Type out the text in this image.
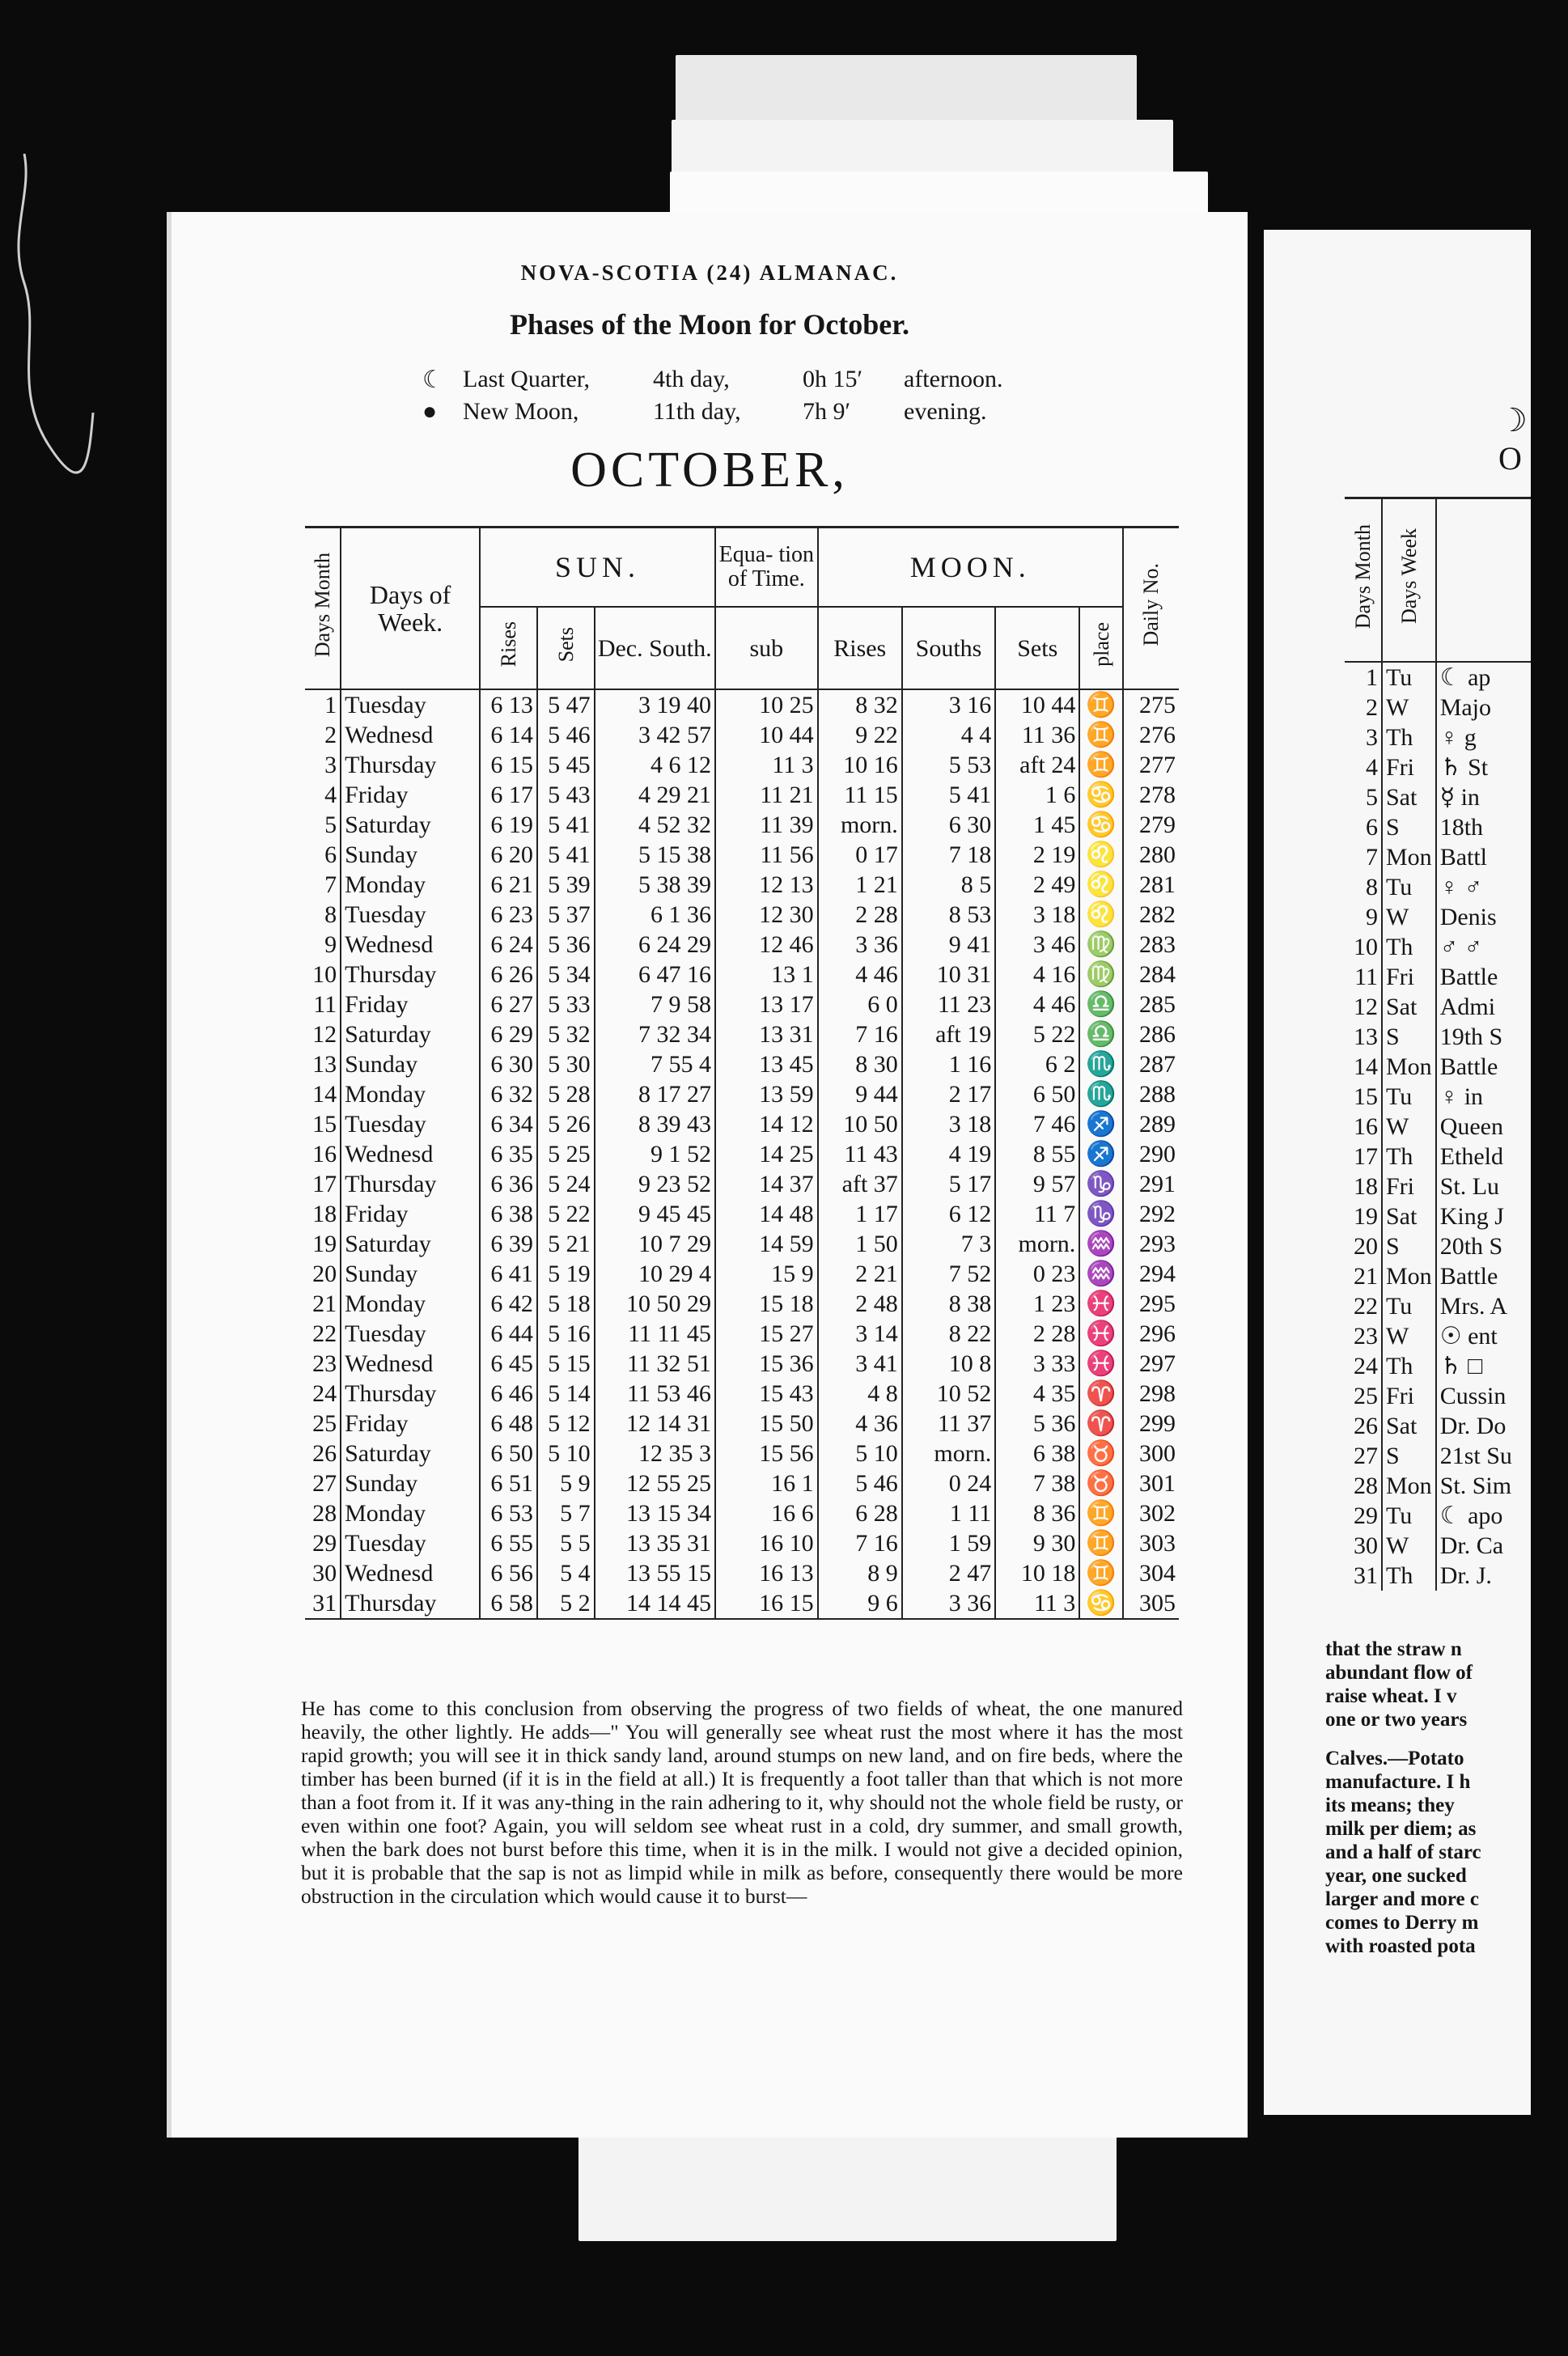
NOVA-SCOTIA (24) ALMANAC.
Phases of the Moon for October.
☾ Last Quarter,	4th day,	0h 15′ afternoon.
● New Moon,	11th day,	7h 9′ evening.
OCTOBER,
Days Month	Days of Week.	SUN.			Equa- tion of Time.	MOON.				Daily No.
		Rises	Sets	Dec. South.	sub	Rises	Souths	Sets	place	
1	Tuesday	6 13	5 47	3 19 40	10 25	8 32	3 16	10 44	♊	275
2	Wednesd	6 14	5 46	3 42 57	10 44	9 22	4 4	11 36	♊	276
3	Thursday	6 15	5 45	4 6 12	11 3	10 16	5 53	aft 24	♊	277
4	Friday	6 17	5 43	4 29 21	11 21	11 15	5 41	1 6	♋	278
5	Saturday	6 19	5 41	4 52 32	11 39	morn.	6 30	1 45	♋	279
6	Sunday	6 20	5 41	5 15 38	11 56	0 17	7 18	2 19	♌	280
7	Monday	6 21	5 39	5 38 39	12 13	1 21	8 5	2 49	♌	281
8	Tuesday	6 23	5 37	6 1 36	12 30	2 28	8 53	3 18	♌	282
9	Wednesd	6 24	5 36	6 24 29	12 46	3 36	9 41	3 46	♍	283
10	Thursday	6 26	5 34	6 47 16	13 1	4 46	10 31	4 16	♍	284
11	Friday	6 27	5 33	7 9 58	13 17	6 0	11 23	4 46	♎	285
12	Saturday	6 29	5 32	7 32 34	13 31	7 16	aft 19	5 22	♎	286
13	Sunday	6 30	5 30	7 55 4	13 45	8 30	1 16	6 2	♏	287
14	Monday	6 32	5 28	8 17 27	13 59	9 44	2 17	6 50	♏	288
15	Tuesday	6 34	5 26	8 39 43	14 12	10 50	3 18	7 46	♐	289
16	Wednesd	6 35	5 25	9 1 52	14 25	11 43	4 19	8 55	♐	290
17	Thursday	6 36	5 24	9 23 52	14 37	aft 37	5 17	9 57	♑	291
18	Friday	6 38	5 22	9 45 45	14 48	1 17	6 12	11 7	♑	292
19	Saturday	6 39	5 21	10 7 29	14 59	1 50	7 3	morn.	♒	293
20	Sunday	6 41	5 19	10 29 4	15 9	2 21	7 52	0 23	♒	294
21	Monday	6 42	5 18	10 50 29	15 18	2 48	8 38	1 23	♓	295
22	Tuesday	6 44	5 16	11 11 45	15 27	3 14	8 22	2 28	♓	296
23	Wednesd	6 45	5 15	11 32 51	15 36	3 41	10 8	3 33	♓	297
24	Thursday	6 46	5 14	11 53 46	15 43	4 8	10 52	4 35	♈	298
25	Friday	6 48	5 12	12 14 31	15 50	4 36	11 37	5 36	♈	299
26	Saturday	6 50	5 10	12 35 3	15 56	5 10	morn.	6 38	♉	300
27	Sunday	6 51	5 9	12 55 25	16 1	5 46	0 24	7 38	♉	301
28	Monday	6 53	5 7	13 15 34	16 6	6 28	1 11	8 36	♊	302
29	Tuesday	6 55	5 5	13 35 31	16 10	7 16	1 59	9 30	♊	303
30	Wednesd	6 56	5 4	13 55 15	16 13	8 9	2 47	10 18	♊	304
31	Thursday	6 58	5 2	14 14 45	16 15	9 6	3 36	11 3	♋	305
He has come to this conclusion from observing the progress of two fields of wheat, the one manured heavily, the other lightly. He adds—" You will generally see wheat rust the most where it has the most rapid growth; you will see it in thick sandy land, around stumps on new land, and on fire beds, where the timber has been burned (if it is in the field at all.) It is frequently a foot taller than that which is not more than a foot from it. If it was any-thing in the rain adhering to it, why should not the whole field be rusty, or even within one foot? Again, you will seldom see wheat rust in a cold, dry summer, and small growth, when the bark does not burst before this time, when it is in the milk. I would not give a decided opinion, but it is probable that the sap is not as limpid while in milk as before, consequently there would be more obstruction in the circulation which would cause it to burst—
☽ O
Days Month	Days Week	
1	Tu	☾ ap
2	W	Majo
3	Th	♀ g
4	Fri	♄ St
5	Sat	☿ in
6	S	18th
7	Mon	Battl
8	Tu	♀ ♂
9	W	Denis
10	Th	♂ ♂
11	Fri	Battle
12	Sat	Admi
13	S	19th S
14	Mon	Battle
15	Tu	♀ in
16	W	Queen
17	Th	Etheld
18	Fri	St. Lu
19	Sat	King J
20	S	20th S
21	Mon	Battle
22	Tu	Mrs. A
23	W	☉ ent
24	Th	♄ □
25	Fri	Cussin
26	Sat	Dr. Do
27	S	21st Su
28	Mon	St. Sim
29	Tu	☾ apo
30	W	Dr. Ca
31	Th	Dr. J.
that the straw n
abundant flow of
raise wheat. I v
one or two years
Calves.—Potato
manufacture. I h
its means; they
milk per diem; as
and a half of starc
year, one sucked
larger and more c
comes to Derry m
with roasted pota
